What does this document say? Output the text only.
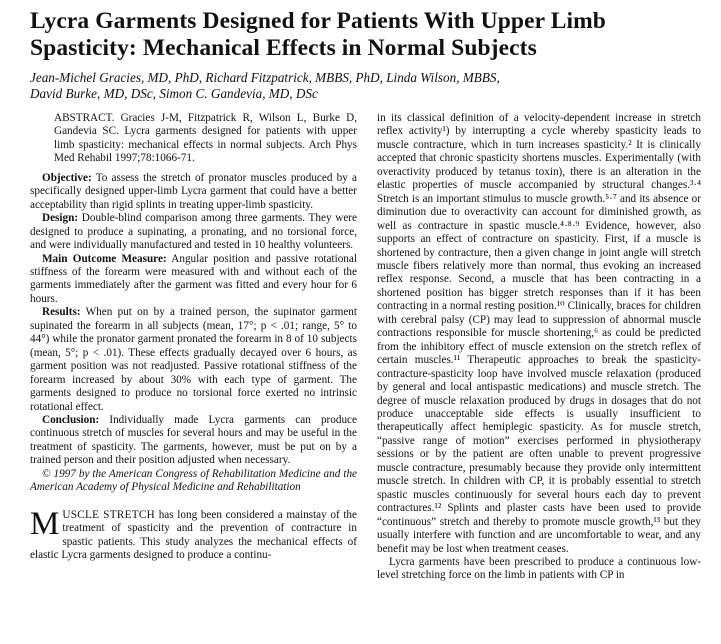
Lycra Garments Designed for Patients With Upper Limb Spasticity: Mechanical Effects in Normal Subjects
Jean-Michel Gracies, MD, PhD, Richard Fitzpatrick, MBBS, PhD, Linda Wilson, MBBS,
David Burke, MD, DSc, Simon C. Gandevia, MD, DSc

ABSTRACT. Gracies J-M, Fitzpatrick R, Wilson L, Burke D, Gandevia SC. Lycra garments designed for patients with upper limb spasticity: mechanical effects in normal subjects. Arch Phys Med Rehabil 1997;78:1066-71.

Objective: To assess the stretch of pronator muscles produced by a specifically designed upper-limb Lycra garment that could have a better acceptability than rigid splints in treating upper-limb spasticity.

Design: Double-blind comparison among three garments. They were designed to produce a supinating, a pronating, and no torsional force, and were individually manufactured and tested in 10 healthy volunteers.

Main Outcome Measure: Angular position and passive rotational stiffness of the forearm were measured with and without each of the garments immediately after the garment was fitted and every hour for 6 hours.

Results: When put on by a trained person, the supinator garment supinated the forearm in all subjects (mean, 17°; p < .01; range, 5° to 44°) while the pronator garment pronated the forearm in 8 of 10 subjects (mean, 5°; p < .01). These effects gradually decayed over 6 hours, as garment position was not readjusted. Passive rotational stiffness of the forearm increased by about 30% with each type of garment. The garments designed to produce no torsional force exerted no intrinsic rotational effect.

Conclusion: Individually made Lycra garments can produce continuous stretch of muscles for several hours and may be useful in the treatment of spasticity. The garments, however, must be put on by a trained person and their position adjusted when necessary.

© 1997 by the American Congress of Rehabilitation Medicine and the American Academy of Physical Medicine and Rehabilitation

MUSCLE STRETCH has long been considered a mainstay of the treatment of spasticity and the prevention of contracture in spastic patients. This study analyzes the mechanical effects of elastic Lycra garments designed to produce a continu-

in its classical definition of a velocity-dependent increase in stretch reflex activity¹) by interrupting a cycle whereby spasticity leads to muscle contracture, which in turn increases spasticity.² It is clinically accepted that chronic spasticity shortens muscles. Experimentally (with overactivity produced by tetanus toxin), there is an alteration in the elastic properties of muscle accompanied by structural changes.³·⁴ Stretch is an important stimulus to muscle growth.⁵·⁷ and its absence or diminution due to overactivity can account for diminished growth, as well as contracture in spastic muscle.⁴·⁸·⁹ Evidence, however, also supports an effect of contracture on spasticity. First, if a muscle is shortened by contracture, then a given change in joint angle will stretch muscle fibers relatively more than normal, thus evoking an increased reflex response. Second, a muscle that has been contracting in a shortened position has bigger stretch responses than if it has been contracting in a normal resting position.¹⁰ Clinically, braces for children with cerebral palsy (CP) may lead to suppression of abnormal muscle contractions responsible for muscle shortening,⁶ as could be predicted from the inhibitory effect of muscle extension on the stretch reflex of certain muscles.¹¹ Therapeutic approaches to break the spasticity-contracture-spasticity loop have involved muscle relaxation (produced by general and local antispastic medications) and muscle stretch. The degree of muscle relaxation produced by drugs in dosages that do not produce unacceptable side effects is usually insufficient to therapeutically affect hemiplegic spasticity. As for muscle stretch, “passive range of motion” exercises performed in physiotherapy sessions or by the patient are often unable to prevent progressive muscle contracture, presumably because they provide only intermittent muscle stretch. In children with CP, it is probably essential to stretch spastic muscles continuously for several hours each day to prevent contractures.¹² Splints and plaster casts have been used to provide “continuous” stretch and thereby to promote muscle growth,¹³ but they usually interfere with function and are uncomfortable to wear, and any benefit may be lost when treatment ceases.

Lycra garments have been prescribed to produce a continuous low-level stretching force on the limb in patients with CP in
